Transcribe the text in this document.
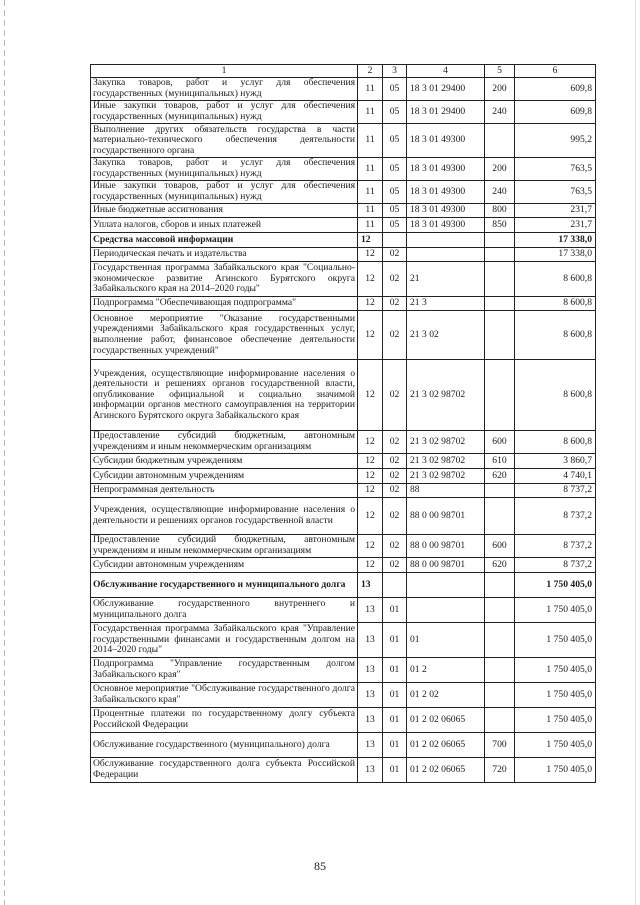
1	2	3	4	5	6
Закупка товаров, работ и услуг для обеспечения государственных (муниципальных) нужд	11	05	18 3 01 29400	200	609,8
Иные закупки товаров, работ и услуг для обеспечения государственных (муниципальных) нужд	11	05	18 3 01 29400	240	609,8
Выполнение других обязательств государства в части материально-технического обеспечения деятельности государственного органа	11	05	18 3 01 49300		995,2
Закупка товаров, работ и услуг для обеспечения государственных (муниципальных) нужд	11	05	18 3 01 49300	200	763,5
Иные закупки товаров, работ и услуг для обеспечения государственных (муниципальных) нужд	11	05	18 3 01 49300	240	763,5
Иные бюджетные ассигнования	11	05	18 3 01 49300	800	231,7
Уплата налогов, сборов и иных платежей	11	05	18 3 01 49300	850	231,7
Средства массовой информации	12				17 338,0
Периодическая печать и издательства	12	02			17 338,0
Государственная программа Забайкальского края "Социально-экономическое развитие Агинского Бурятского округа Забайкальского края на 2014–2020 годы"	12	02	21		8 600,8
Подпрограмма "Обеспечивающая подпрограмма"	12	02	21 3		8 600,8
Основное мероприятие "Оказание государственными учреждениями Забайкальского края государственных услуг, выполнение работ, финансовое обеспечение деятельности государственных учреждений"	12	02	21 3 02		8 600,8
Учреждения, осуществляющие информирование населения о деятельности и решениях органов государственной власти, опубликование официальной и социально значимой информации органов местного самоуправления на территории Агинского Бурятского округа Забайкальского края	12	02	21 3 02 98702		8 600,8
Предоставление субсидий бюджетным, автономным учреждениям и иным некоммерческим организациям	12	02	21 3 02 98702	600	8 600,8
Субсидии бюджетным учреждениям	12	02	21 3 02 98702	610	3 860,7
Субсидии автономным учреждениям	12	02	21 3 02 98702	620	4 740,1
Непрограммная деятельность	12	02	88		8 737,2
Учреждения, осуществляющие информирование населения о деятельности и решениях органов государственной власти	12	02	88 0 00 98701		8 737,2
Предоставление субсидий бюджетным, автономным учреждениям и иным некоммерческим организациям	12	02	88 0 00 98701	600	8 737,2
Субсидии автономным учреждениям	12	02	88 0 00 98701	620	8 737,2
Обслуживание государственного и муниципального долга	13				1 750 405,0
Обслуживание государственного внутреннего и муниципального долга	13	01			1 750 405,0
Государственная программа Забайкальского края "Управление государственными финансами и государственным долгом на 2014–2020 годы"	13	01	01		1 750 405,0
Подпрограмма "Управление государственным долгом Забайкальского края"	13	01	01 2		1 750 405,0
Основное мероприятие "Обслуживание государственного долга Забайкальского края"	13	01	01 2 02		1 750 405,0
Процентные платежи по государственному долгу субъекта Российской Федерации	13	01	01 2 02 06065		1 750 405,0
Обслуживание государственного (муниципального) долга	13	01	01 2 02 06065	700	1 750 405,0
Обслуживание государственного долга субъекта Российской Федерации	13	01	01 2 02 06065	720	1 750 405,0
85
